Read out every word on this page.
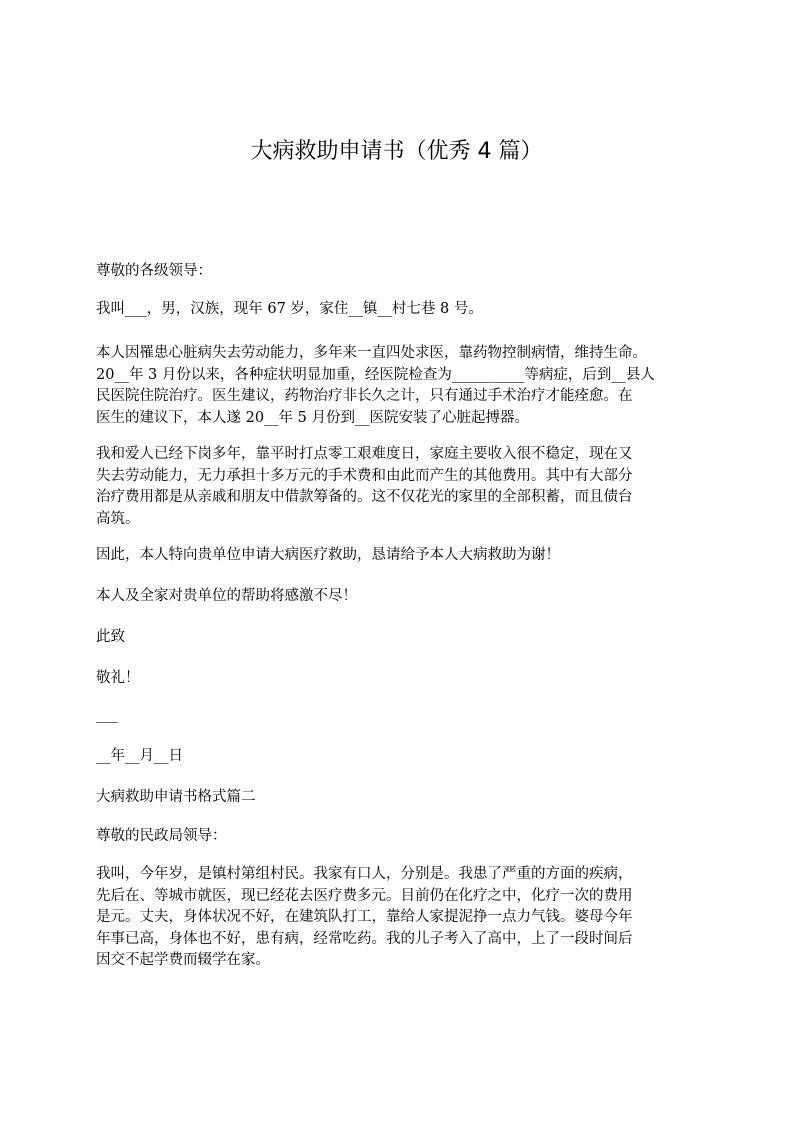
大病救助申请书（优秀 4 篇）
尊敬的各级领导：
我叫___，男，汉族，现年 67 岁，家住__镇__村七巷 8 号。
本人因罹患心脏病失去劳动能力，多年来一直四处求医，靠药物控制病情，维持生命。
20__年 3 月份以来，各种症状明显加重，经医院检查为__________等病症，后到__县人
民医院住院治疗。医生建议，药物治疗非长久之计，只有通过手术治疗才能痊愈。在
医生的建议下，本人遂 20__年 5 月份到__医院安装了心脏起搏器。
我和爱人已经下岗多年，靠平时打点零工艰难度日，家庭主要收入很不稳定，现在又
失去劳动能力，无力承担十多万元的手术费和由此而产生的其他费用。其中有大部分
治疗费用都是从亲戚和朋友中借款筹备的。这不仅花光的家里的全部积蓄，而且债台
高筑。
因此，本人特向贵单位申请大病医疗救助，恳请给予本人大病救助为谢！
本人及全家对贵单位的帮助将感激不尽！
此致
敬礼！
___
__年__月__日
大病救助申请书格式篇二
尊敬的民政局领导：
我叫，今年岁，是镇村第组村民。我家有口人，分别是。我患了严重的方面的疾病，
先后在、等城市就医，现已经花去医疗费多元。目前仍在化疗之中，化疗一次的费用
是元。丈夫，身体状况不好，在建筑队打工，靠给人家提泥挣一点力气钱。婆母今年
年事已高，身体也不好，患有病，经常吃药。我的儿子考入了高中，上了一段时间后
因交不起学费而辍学在家。
